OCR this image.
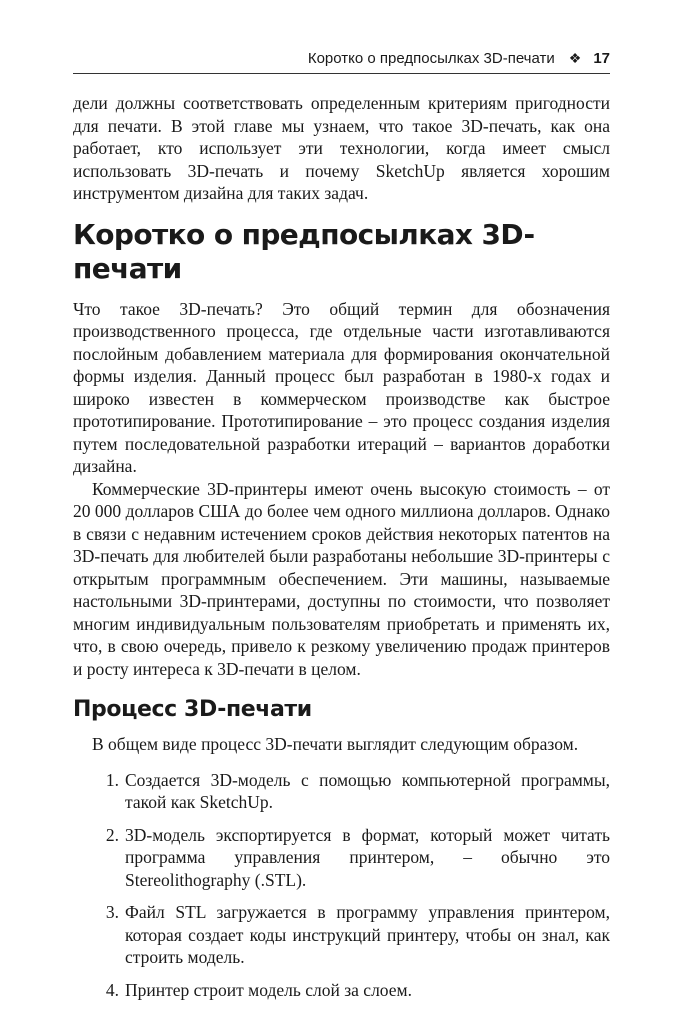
Коротко о предпосылках 3D-печати ❖ 17

дели должны соответствовать определенным критериям пригодности для печати. В этой главе мы узнаем, что такое 3D-печать, как она работает, кто использует эти технологии, когда имеет смысл использовать 3D-печать и почему SketchUp является хорошим инструментом дизайна для таких задач.

Коротко о предпосылках 3D-печати

Что такое 3D-печать? Это общий термин для обозначения производственного процесса, где отдельные части изготавливаются послойным добавлением материала для формирования окончательной формы изделия. Данный процесс был разработан в 1980-х годах и широко известен в коммерческом производстве как быстрое прототипирование. Прототипирование – это процесс создания изделия путем последовательной разработки итераций – вариантов доработки дизайна.

Коммерческие 3D-принтеры имеют очень высокую стоимость – от 20 000 долларов США до более чем одного миллиона долларов. Однако в связи с недавним истечением сроков действия некоторых патентов на 3D-печать для любителей были разработаны небольшие 3D-принтеры с открытым программным обеспечением. Эти машины, называемые настольными 3D-принтерами, доступны по стоимости, что позволяет многим индивидуальным пользователям приобретать и применять их, что, в свою очередь, привело к резкому увеличению продаж принтеров и росту интереса к 3D-печати в целом.

Процесс 3D-печати

В общем виде процесс 3D-печати выглядит следующим образом.

1. Создается 3D-модель с помощью компьютерной программы, такой как SketchUp.
2. 3D-модель экспортируется в формат, который может читать программа управления принтером, – обычно это Stereolithography (.STL).
3. Файл STL загружается в программу управления принтером, которая создает коды инструкций принтеру, чтобы он знал, как строить модель.
4. Принтер строит модель слой за слоем.
